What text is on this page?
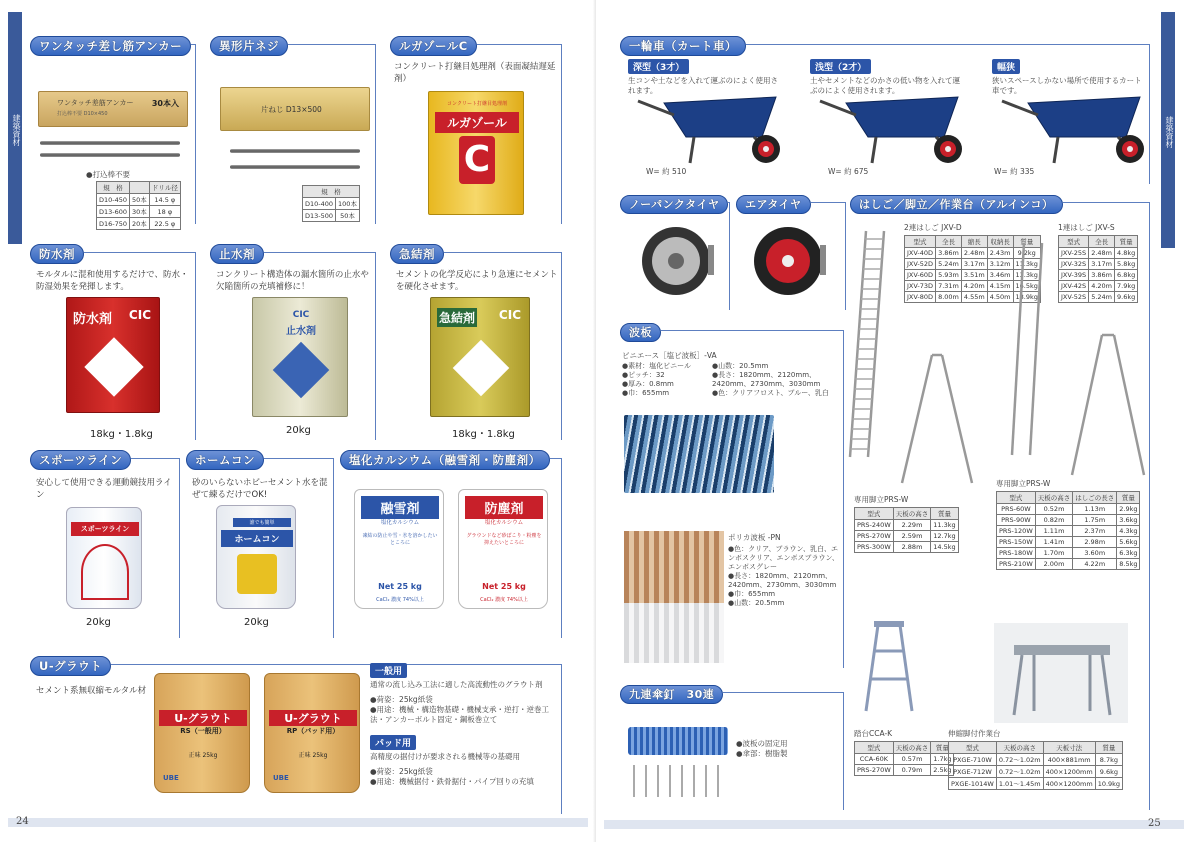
建築資材
ワンタッチ差し筋アンカー
ワンタッチ差筋アンカー
打込棒不要 D10×450
30本入
●打込棒不要
規　格		ドリル径
D10-450	50本	14.5 φ
D13-600	30本	18 φ
D16-750	20本	22.5 φ
異形片ネジ
片ねじ D13×500
規　格	
D10-400	100本
D13-500	50本
ルガゾールC
コンクリート打継目処理剤（表面凝結遅延剤）
コンクリート打継目処理剤
ルガゾール
C
防水剤
モルタルに混和使用するだけで、防水・防湿効果を発揮します。
防水剤 CIC
18kg・1.8kg
止水剤
コンクリート構造体の漏水箇所の止水や欠陥箇所の充填補修に！
CIC
止水剤
20kg
急結剤
セメントの化学反応により急速にセメントを硬化させます。
急結剤 CIC
18kg・1.8kg
スポーツライン
安心して使用できる運動競技用ライン
スポーツライン
20kg
ホームコン
砂のいらないホビーセメント水を混ぜて練るだけでOK!
誰でも簡単
ホームコン
20kg
塩化カルシウム（融雪剤・防塵剤）
融雪剤
塩化カルシウム
凍結の防止や雪・氷を溶かしたいところに
Net 25 kg
CaCl₂ 濃度 74%以上
防塵剤
塩化カルシウム
グラウンドなど砂ぼこり・粉塵を抑えたいところに
Net 25 kg
CaCl₂ 濃度 74%以上
U-グラウト
セメント系無収縮モルタル材
U-グラウト
RS（一般用）
正味 25kg
UBE
U-グラウト
RP（パッド用）
正味 25kg
UBE
一般用
通常の流し込み工法に適した高流動性のグラウト剤
●荷姿：25kg紙袋
●用途：機械・構造物基礎・機械支承・逆打・逆巻工法・アンカーボルト固定・鋼板巻立て
パッド用
高精度の据付けが要求される機械等の基礎用
●荷姿：25kg紙袋
●用途：機械据付・鉄骨据付・パイプ回りの充填
24
建築資材
一輪車（カート車）
深型（3才）
生コンや土などを入れて運ぶのによく使用されます。
W= 約 510
浅型（2才）
土やセメントなどのかさの低い物を入れて運ぶのによく使用されます。
W= 約 675
幅狭
狭いスペースしかない場所で使用するカート車です。
W= 約 335
ノーパンクタイヤ	エアタイヤ
波板
ビニエース［塩ビ波板］-VA
●素材：塩化ビニール
●ピッチ：32
●厚み：0.8mm
●巾：655mm
●山数：20.5mm
●長さ：1820mm、2120mm、2420mm、2730mm、3030mm
●色：クリアフロスト、ブルー、乳白
ポリカ波板 -PN
●色：クリア、ブラウン、乳白、エンボスクリア、エンボスブラウン、エンボスグレー
●長さ：1820mm、2120mm、2420mm、2730mm、3030mm
●巾：655mm
●山数：20.5mm
九連傘釘　30連
●波板の固定用
●傘部：樹脂製
はしご／脚立／作業台（アルインコ）
2連はしご JXV-D
型式	全長	縮長	収納長	質量
JXV-40D	3.86m	2.48m	2.43m	9.2kg
JXV-52D	5.24m	3.17m	3.12m	11.3kg
JXV-60D	5.93m	3.51m	3.46m	13.3kg
JXV-73D	7.31m	4.20m	4.15m	16.5kg
JXV-80D	8.00m	4.55m	4.50m	18.9kg
1連はしご JXV-S
型式	全長	質量
JXV-25S	2.48m	4.8kg
JXV-32S	3.17m	5.8kg
JXV-39S	3.86m	6.8kg
JXV-42S	4.20m	7.9kg
JXV-52S	5.24m	9.6kg
専用脚立PRS-W
型式	天板の高さ	質量
PRS-240W	2.29m	11.3kg
PRS-270W	2.59m	12.7kg
PRS-300W	2.88m	14.5kg
専用脚立PRS-W
型式	天板の高さ	はしごの長さ	質量
PRS-60W	0.52m	1.13m	2.9kg
PRS-90W	0.82m	1.75m	3.6kg
PRS-120W	1.11m	2.37m	4.3kg
PRS-150W	1.41m	2.98m	5.6kg
PRS-180W	1.70m	3.60m	6.3kg
PRS-210W	2.00m	4.22m	8.5kg
踏台CCA-K
型式	天板の高さ	質量
CCA-60K	0.57m	1.7kg
PRS-270W	0.79m	2.5kg
伸縮脚付作業台
型式	天板の高さ	天板寸法	質量
PXGE-710W	0.72～1.02m	400×881mm	8.7kg
PXGE-712W	0.72～1.02m	400×1200mm	9.6kg
PXGE-1014W	1.01～1.45m	400×1200mm	10.9kg
25
